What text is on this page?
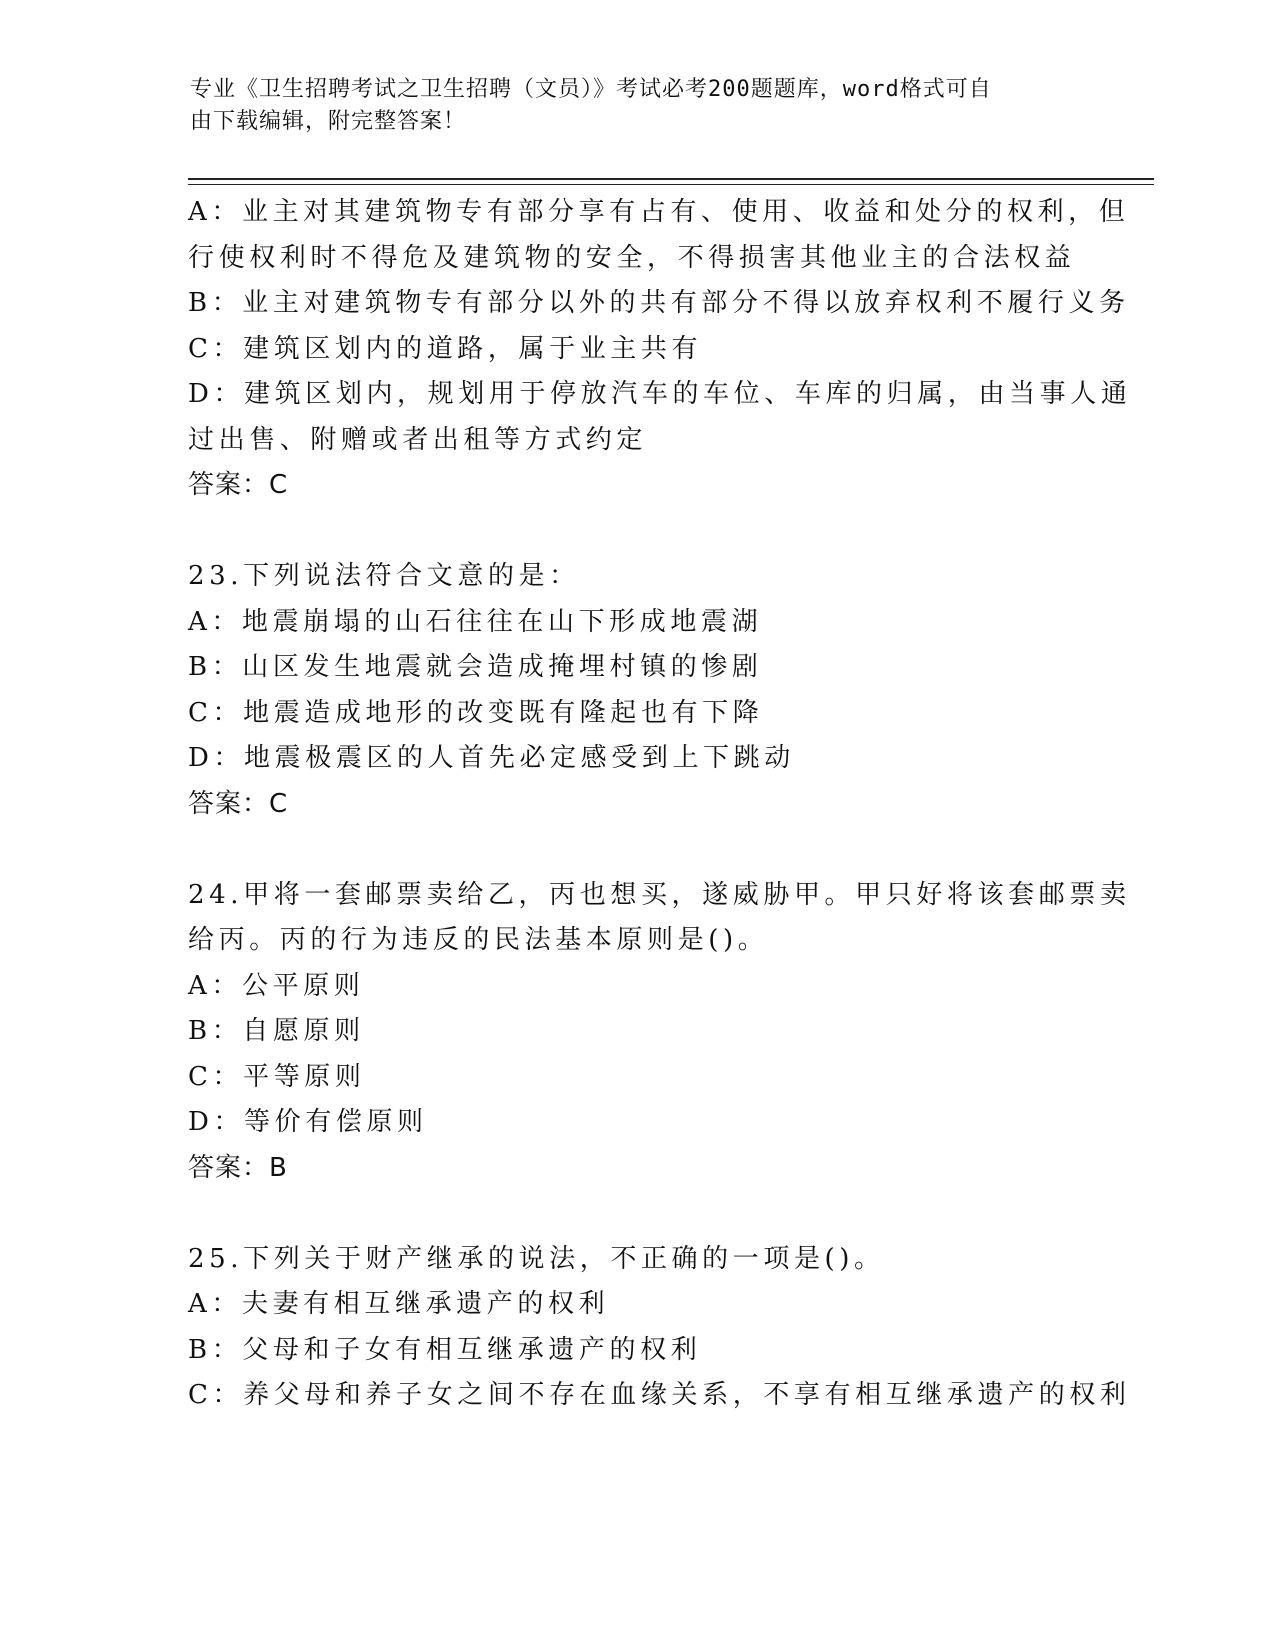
专业《卫生招聘考试之卫生招聘（文员）》考试必考200题题库，word格式可自
由下载编辑，附完整答案！
A：业主对其建筑物专有部分享有占有、使用、收益和处分的权利，但
行使权利时不得危及建筑物的安全，不得损害其他业主的合法权益
B：业主对建筑物专有部分以外的共有部分不得以放弃权利不履行义务
C：建筑区划内的道路，属于业主共有
D：建筑区划内，规划用于停放汽车的车位、车库的归属，由当事人通
过出售、附赠或者出租等方式约定
答案：C
23.下列说法符合文意的是：
A：地震崩塌的山石往往在山下形成地震湖
B：山区发生地震就会造成掩埋村镇的惨剧
C：地震造成地形的改变既有隆起也有下降
D：地震极震区的人首先必定感受到上下跳动
答案：C
24.甲将一套邮票卖给乙，丙也想买，遂威胁甲。甲只好将该套邮票卖
给丙。丙的行为违反的民法基本原则是()。
A：公平原则
B：自愿原则
C：平等原则
D：等价有偿原则
答案：B
25.下列关于财产继承的说法，不正确的一项是()。
A：夫妻有相互继承遗产的权利
B：父母和子女有相互继承遗产的权利
C：养父母和养子女之间不存在血缘关系，不享有相互继承遗产的权利
